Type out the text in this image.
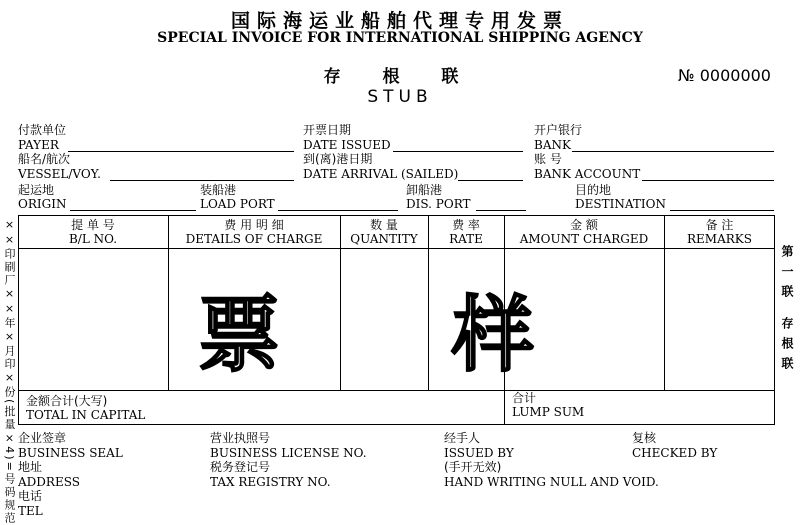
国际海运业船舶代理专用发票
SPECIAL INVOICE FOR INTERNATIONAL SHIPPING AGENCY
存 根 联
STUB
№ 0000000
付款单位
PAYER
开票日期
DATE ISSUED
开户银行
BANK
船名/航次
VESSEL/VOY.
到(离)港日期
DATE ARRIVAL (SAILED)
账 号
BANK ACCOUNT
起运地
ORIGIN
装船港
LOAD PORT
卸船港
DIS. PORT
目的地
DESTINATION
提 单 号
B/L NO.
费 用 明 细
DETAILS OF CHARGE
数 量
QUANTITY
费 率
RATE
金 额
AMOUNT CHARGED
备 注
REMARKS
票 样
金额合计(大写)
TOTAL IN CAPITAL
合计
LUMP SUM
企业签章
BUSINESS SEAL
地址
ADDRESS
电话
TEL
营业执照号
BUSINESS LICENSE NO.
税务登记号
TAX REGISTRY NO.
经手人
ISSUED BY
(手开无效)
HAND WRITING NULL AND VOID.
复核
CHECKED BY
××印刷厂××年×月印×份(批量×4)=号码规范	第一联 存根联
